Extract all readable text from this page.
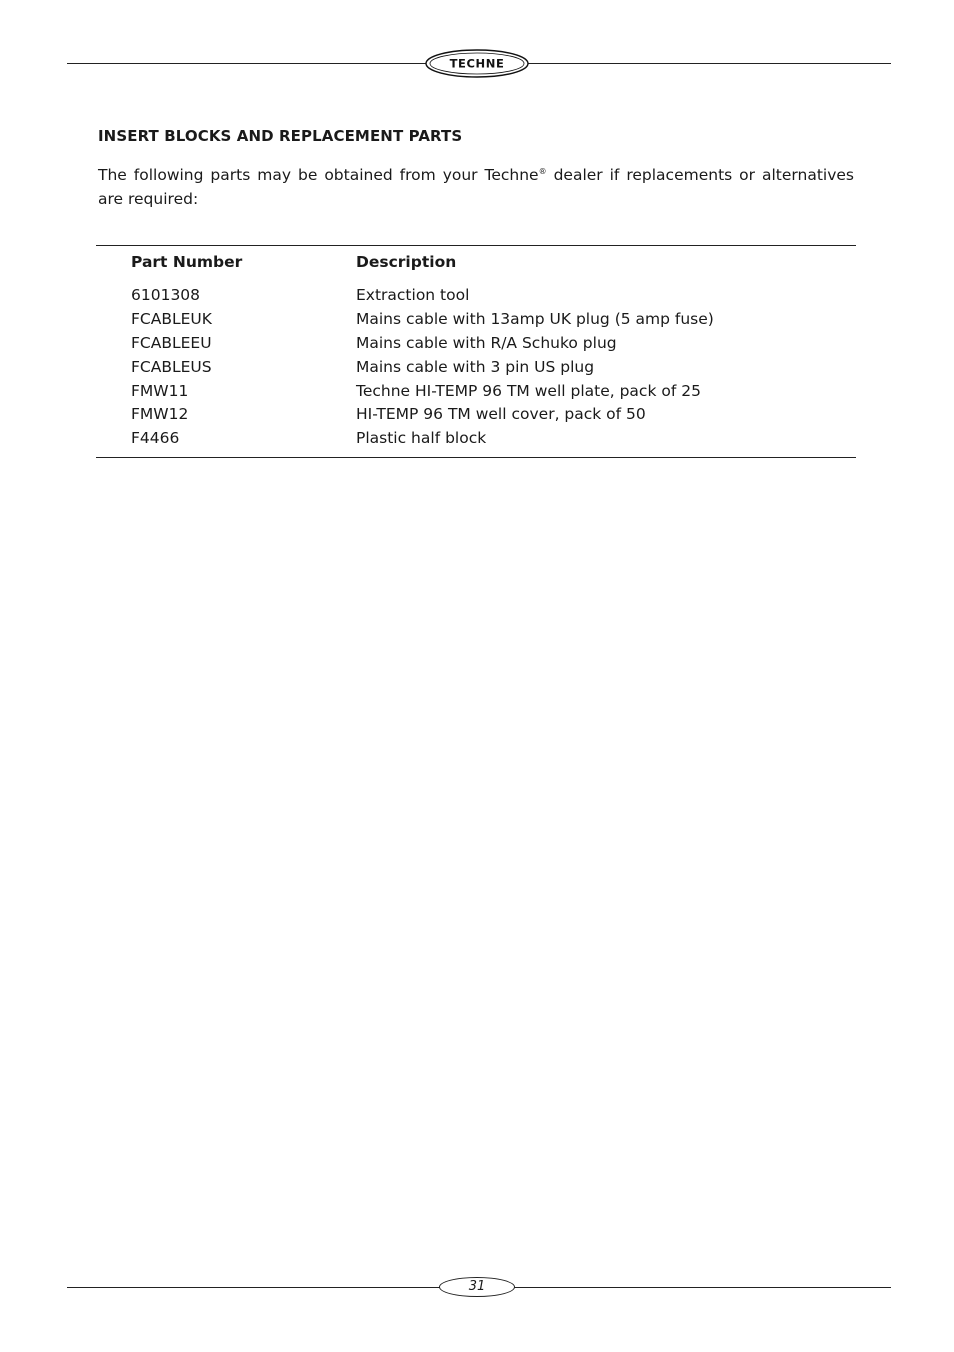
TECHNE
INSERT BLOCKS AND REPLACEMENT PARTS

The following parts may be obtained from your Techne® dealer if replacements or alternatives are required:

Part Number	Description
6101308	Extraction tool
FCABLEUK	Mains cable with 13amp UK plug (5 amp fuse)
FCABLEEU	Mains cable with R/A Schuko plug
FCABLEUS	Mains cable with 3 pin US plug
FMW11	Techne HI-TEMP 96 TM well plate, pack of 25
FMW12	HI-TEMP 96 TM well cover, pack of 50
F4466	Plastic half block
31
